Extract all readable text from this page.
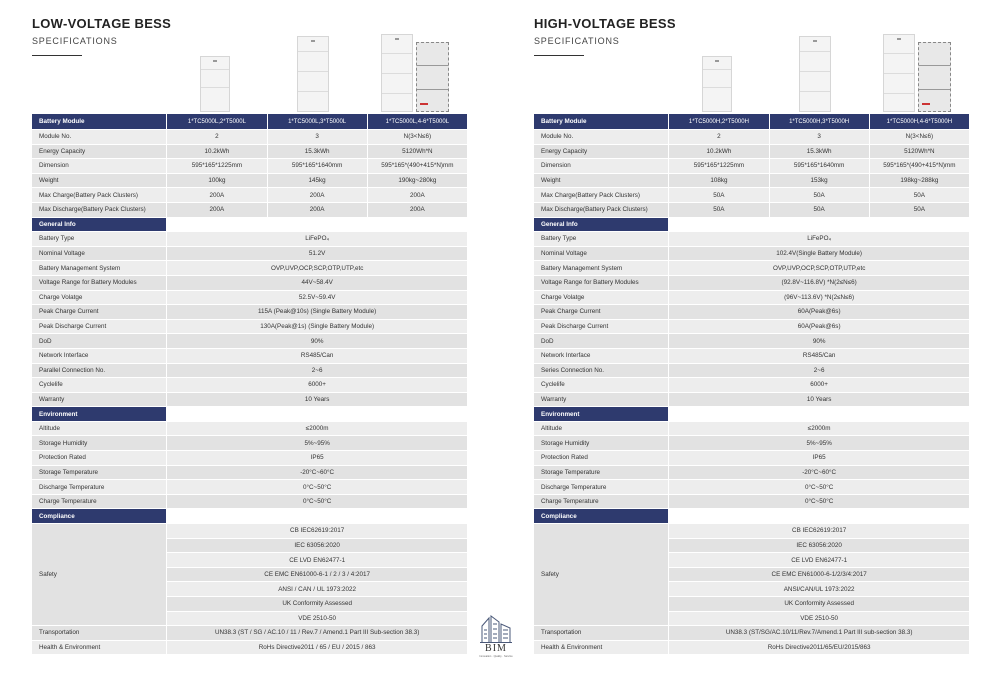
LOW-VOLTAGE BESS
SPECIFICATIONS
Battery Module	1*TC5000L,2*T5000L	1*TC5000L,3*T5000L	1*TC5000L,4-6*T5000L
Module No.	2	3	N(3<N≤6)
Energy Capacity	10.2kWh	15.3kWh	5120Wh*N
Dimension	595*165*1225mm	595*165*1640mm	595*165*(490+415*N)mm
Weight	100kg	145kg	190kg~280kg
Max Charge(Battery Pack Clusters)	200A	200A	200A
Max Discharge(Battery Pack Clusters)	200A	200A	200A
General Info			
Battery Type	LiFePO₄		
Nominal Voltage	51.2V		
Battery Management System	OVP,UVP,OCP,SCP,OTP,UTP,etc		
Voltage Range for Battery Modules	44V~58.4V		
Charge Volatge	52.5V~59.4V		
Peak Charge Current	115A (Peak@10s) (Single Battery Module)		
Peak Discharge Current	130A(Peak@1s) (Single Battery Module)		
DoD	90%		
Network Interface	RS485/Can		
Parallel Connection No.	2~6		
Cyclelife	6000+		
Warranty	10 Years		
Environment			
Altitude	≤2000m		
Storage Humidity	5%~95%		
Protection Rated	IP65		
Storage Temperature	-20°C~60°C		
Discharge Temperature	0°C~50°C		
Charge Temperature	0°C~50°C		
Compliance			
Safety	CB IEC62619:2017		
	IEC 63056:2020		
	CE LVD EN62477-1		
	CE EMC EN61000-6-1 / 2 / 3 / 4:2017		
	ANSI / CAN / UL 1973:2022		
	UK Conformity Assessed		
	VDE 2510-50		
Transportation	UN38.3 (ST / SG / AC.10 / 11 / Rev.7 / Amend.1 Part III Sub-section 38.3)		
Health & Environment	RoHs Directive2011 / 65 / EU / 2015 / 863		
HIGH-VOLTAGE BESS
SPECIFICATIONS
Battery Module	1*TC5000H,2*T5000H	1*TC5000H,3*T5000H	1*TC5000H,4-6*T5000H
Module No.	2	3	N(3<N≤6)
Energy Capacity	10.2kWh	15.3kWh	5120Wh*N
Dimension	595*165*1225mm	595*165*1640mm	595*165*(490+415*N)mm
Weight	108kg	153kg	198kg~288kg
Max Charge(Battery Pack Clusters)	50A	50A	50A
Max Discharge(Battery Pack Clusters)	50A	50A	50A
General Info			
Battery Type	LiFePO₄		
Nominal Voltage	102.4V(Single Battery Module)		
Battery Management System	OVP,UVP,OCP,SCP,OTP,UTP,etc		
Voltage Range for Battery Modules	(92.8V~116.8V) *N(2≤N≤6)		
Charge Volatge	(96V~113.6V) *N(2≤N≤6)		
Peak Charge Current	60A(Peak@6s)		
Peak Discharge Current	60A(Peak@6s)		
DoD	90%		
Network Interface	RS485/Can		
Series Connection No.	2~6		
Cyclelife	6000+		
Warranty	10 Years		
Environment			
Altitude	≤2000m		
Storage Humidity	5%~95%		
Protection Rated	IP65		
Storage Temperature	-20°C~60°C		
Discharge Temperature	0°C~50°C		
Charge Temperature	0°C~50°C		
Compliance			
Safety	CB IEC62619:2017		
	IEC 63056:2020		
	CE LVD EN62477-1		
	CE EMC EN61000-6-1/2/3/4:2017		
	ANSI/CAN/UL 1973:2022		
	UK Conformity Assessed		
	VDE 2510-50		
Transportation	UN38.3 (ST/SG/AC.10/11/Rev.7/Amend.1 Part III sub-section 38.3)		
Health & Environment	RoHs Directive2011/65/EU/2015/863		
BIM
Innovation · Quality · Service
